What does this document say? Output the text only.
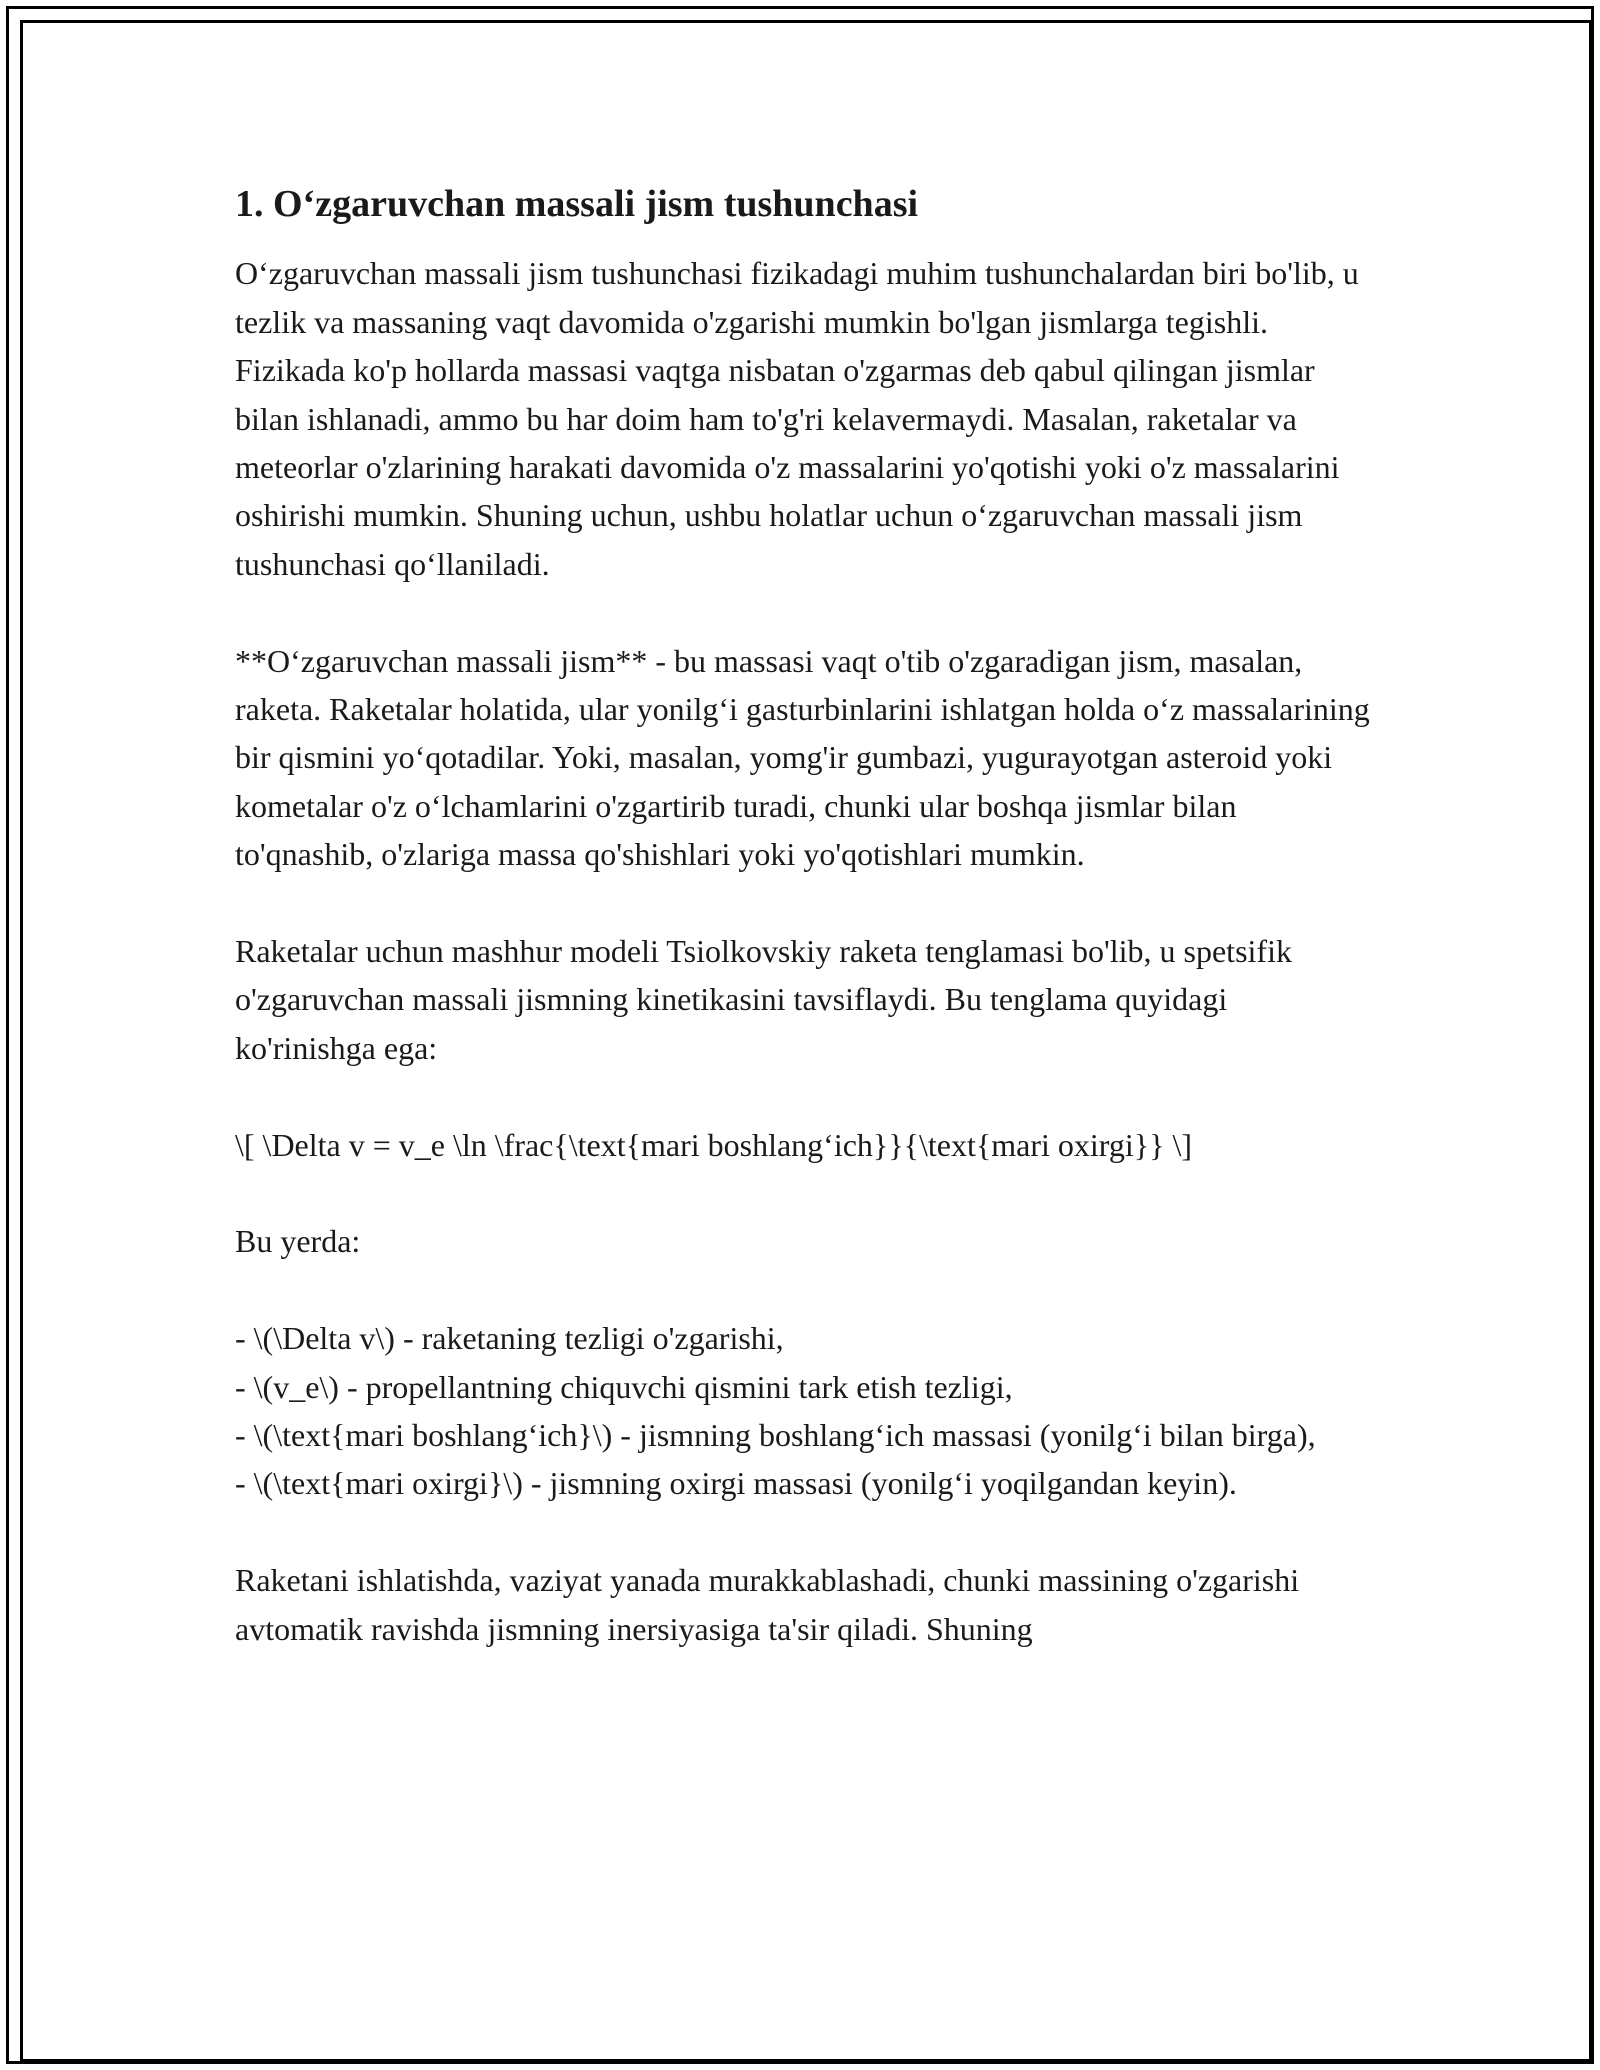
1. O‘zgaruvchan massali jism tushunchasi

O‘zgaruvchan massali jism tushunchasi fizikadagi muhim tushunchalardan biri bo'lib, u tezlik va massaning vaqt davomida o'zgarishi mumkin bo'lgan jismlarga tegishli. Fizikada ko'p hollarda massasi vaqtga nisbatan o'zgarmas deb qabul qilingan jismlar bilan ishlanadi, ammo bu har doim ham to'g'ri kelavermaydi. Masalan, raketalar va meteorlar o'zlarining harakati davomida o'z massalarini yo'qotishi yoki o'z massalarini oshirishi mumkin. Shuning uchun, ushbu holatlar uchun o‘zgaruvchan massali jism tushunchasi qo‘llaniladi.

**O‘zgaruvchan massali jism** - bu massasi vaqt o'tib o'zgaradigan jism, masalan, raketa. Raketalar holatida, ular yonilg‘i gasturbinlarini ishlatgan holda o‘z massalarining bir qismini yo‘qotadilar. Yoki, masalan, yomg'ir gumbazi, yugurayotgan asteroid yoki kometalar o'z o‘lchamlarini o'zgartirib turadi, chunki ular boshqa jismlar bilan to'qnashib, o'zlariga massa qo'shishlari yoki yo'qotishlari mumkin.

Raketalar uchun mashhur modeli Tsiolkovskiy raketa tenglamasi bo'lib, u spetsifik o'zgaruvchan massali jismning kinetikasini tavsiflaydi. Bu tenglama quyidagi ko'rinishga ega:

\[ \Delta v = v_e \ln \frac{\text{mari boshlang‘ich}}{\text{mari oxirgi}} \]

Bu yerda:

- \(\Delta v\) - raketaning tezligi o'zgarishi,

- \(v_e\) - propellantning chiquvchi qismini tark etish tezligi,

- \(\text{mari boshlang‘ich}\) - jismning boshlang‘ich massasi (yonilg‘i bilan birga),

- \(\text{mari oxirgi}\) - jismning oxirgi massasi (yonilg‘i yoqilgandan keyin).

Raketani ishlatishda, vaziyat yanada murakkablashadi, chunki massining o'zgarishi avtomatik ravishda jismning inersiyasiga ta'sir qiladi. Shuning
